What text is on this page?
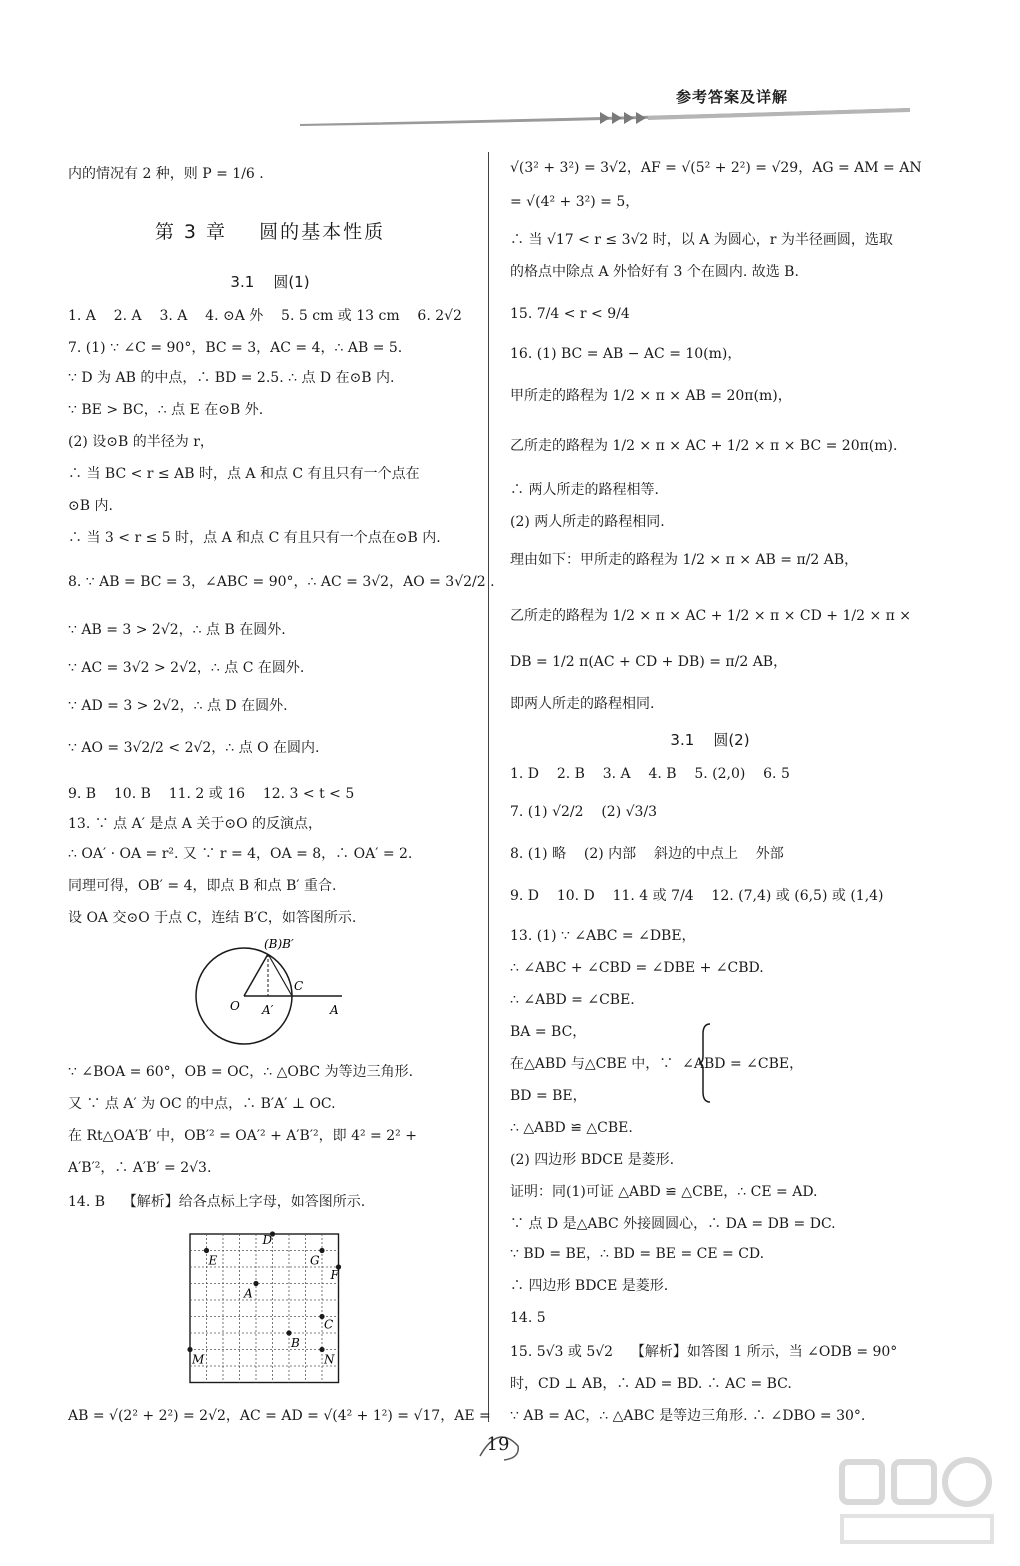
参考答案及详解
(B)B′
O A′
C
A
D
E	G
F
A
C
B
M	N
内的情况有 2 种，则 P = 1/6 .
第 3 章    圆的基本性质
3.1    圆(1)
1. A    2. A    3. A    4. ⊙A 外    5. 5 cm 或 13 cm    6. 2√2
7. (1) ∵ ∠C = 90°，BC = 3，AC = 4，∴ AB = 5.
∵ D 为 AB 的中点，∴ BD = 2.5. ∴ 点 D 在⊙B 内.
∵ BE > BC，∴ 点 E 在⊙B 外.
(2) 设⊙B 的半径为 r，
∴ 当 BC < r ≤ AB 时，点 A 和点 C 有且只有一个点在
⊙B 内.
∴ 当 3 < r ≤ 5 时，点 A 和点 C 有且只有一个点在⊙B 内.
8. ∵ AB = BC = 3，∠ABC = 90°，∴ AC = 3√2，AO = 3√2/2 .
∵ AB = 3 > 2√2，∴ 点 B 在圆外.
∵ AC = 3√2 > 2√2，∴ 点 C 在圆外.
∵ AD = 3 > 2√2，∴ 点 D 在圆外.
∵ AO = 3√2/2 < 2√2，∴ 点 O 在圆内.
9. B    10. B    11. 2 或 16    12. 3 < t < 5
13. ∵ 点 A′ 是点 A 关于⊙O 的反演点，
∴ OA′ · OA = r². 又 ∵ r = 4，OA = 8，∴ OA′ = 2.
同理可得，OB′ = 4，即点 B 和点 B′ 重合.
设 OA 交⊙O 于点 C，连结 B′C，如答图所示.
∵ ∠BOA = 60°，OB = OC，∴ △OBC 为等边三角形.
又 ∵ 点 A′ 为 OC 的中点，∴ B′A′ ⊥ OC.
在 Rt△OA′B′ 中，OB′² = OA′² + A′B′²，即 4² = 2² +
A′B′²，∴ A′B′ = 2√3.
14. B    【解析】给各点标上字母，如答图所示.
AB = √(2² + 2²) = 2√2，AC = AD = √(4² + 1²) = √17，AE =
√(3² + 3²) = 3√2，AF = √(5² + 2²) = √29，AG = AM = AN
= √(4² + 3²) = 5，
∴ 当 √17 < r ≤ 3√2 时，以 A 为圆心，r 为半径画圆，选取
的格点中除点 A 外恰好有 3 个在圆内. 故选 B.
15. 7/4 < r < 9/4
16. (1) BC = AB − AC = 10(m)，
甲所走的路程为 1/2 × π × AB = 20π(m)，
乙所走的路程为 1/2 × π × AC + 1/2 × π × BC = 20π(m).
∴ 两人所走的路程相等.
(2) 两人所走的路程相同.
理由如下：甲所走的路程为 1/2 × π × AB = π/2 AB，
乙所走的路程为 1/2 × π × AC + 1/2 × π × CD + 1/2 × π ×
DB = 1/2 π(AC + CD + DB) = π/2 AB，
即两人所走的路程相同.
3.1    圆(2)
1. D    2. B    3. A    4. B    5. (2,0)    6. 5
7. (1) √2/2    (2) √3/3
8. (1) 略    (2) 内部    斜边的中点上    外部
9. D    10. D    11. 4 或 7/4    12. (7,4) 或 (6,5) 或 (1,4)
13. (1) ∵ ∠ABC = ∠DBE，
∴ ∠ABC + ∠CBD = ∠DBE + ∠CBD.
∴ ∠ABD = ∠CBE.
BA = BC，
在△ABD 与△CBE 中，∵  ∠ABD = ∠CBE，
BD = BE，
∴ △ABD ≌ △CBE.
(2) 四边形 BDCE 是菱形.
证明：同(1)可证 △ABD ≌ △CBE，∴ CE = AD.
∵ 点 D 是△ABC 外接圆圆心，∴ DA = DB = DC.
∵ BD = BE，∴ BD = BE = CE = CD.
∴ 四边形 BDCE 是菱形.
14. 5
15. 5√3 或 5√2    【解析】如答图 1 所示，当 ∠ODB = 90°
时，CD ⊥ AB，∴ AD = BD. ∴ AC = BC.
∵ AB = AC，∴ △ABC 是等边三角形. ∴ ∠DBO = 30°.
19
